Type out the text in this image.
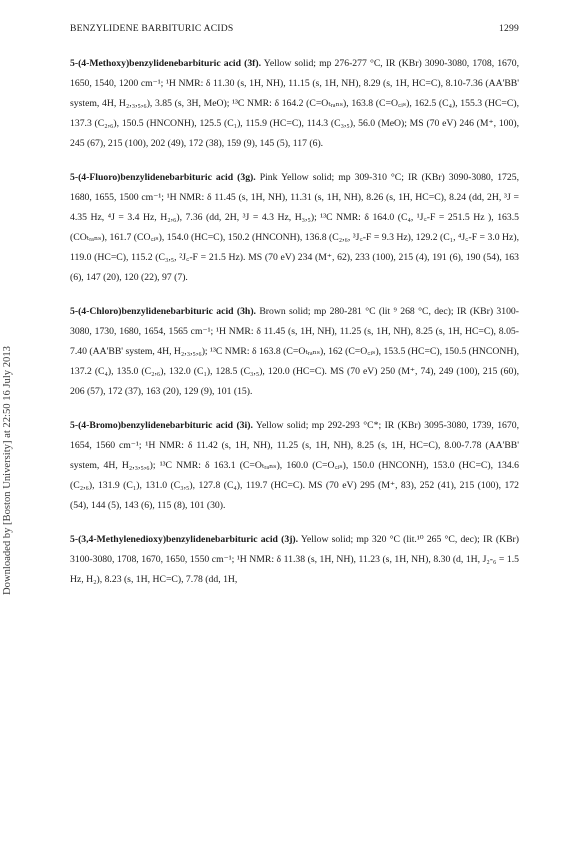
BENZYLIDENE BARBITURIC ACIDS	1299
Downloaded by [Boston University] at 22:50 16 July 2013

5-(4-Methoxy)benzylidenebarbituric acid (3f). Yellow solid; mp 276-277 °C, IR (KBr) 3090-3080, 1708, 1670, 1650, 1540, 1200 cm⁻¹; ¹H NMR: δ 11.30 (s, 1H, NH), 11.15 (s, 1H, NH), 8.29 (s, 1H, HC=C), 8.10-7.36 (AA'BB' system, 4H, H₂,₃,₅,₆), 3.85 (s, 3H, MeO); ¹³C NMR: δ 164.2 (C=Oₜᵣₐₙₛ), 163.8 (C=O꜀ᵢₛ), 162.5 (C₄), 155.3 (HC=C), 137.3 (C₂,₆), 150.5 (HNCONH), 125.5 (C₁), 115.9 (HC=C), 114.3 (C₃,₅), 56.0 (MeO); MS (70 eV) 246 (M⁺, 100), 245 (67), 215 (100), 202 (49), 172 (38), 159 (9), 145 (5), 117 (6).

5-(4-Fluoro)benzylidenebarbituric acid (3g). Pink Yellow solid; mp 309-310 °C; IR (KBr) 3090-3080, 1725, 1680, 1655, 1500 cm⁻¹; ¹H NMR: δ 11.45 (s, 1H, NH), 11.31 (s, 1H, NH), 8.26 (s, 1H, HC=C), 8.24 (dd, 2H, ³J = 4.35 Hz, ⁴J = 3.4 Hz, H₂,₆), 7.36 (dd, 2H, ³J = 4.3 Hz, H₃,₅); ¹³C NMR: δ 164.0 (C₄, ¹J꜀-F = 251.5 Hz ), 163.5 (COₜᵣₐₙₛ), 161.7 (CO꜀ᵢₛ), 154.0 (HC=C), 150.2 (HNCONH), 136.8 (C₂,₆, ³J꜀-F = 9.3 Hz), 129.2 (C₁, ⁴J꜀-F = 3.0 Hz), 119.0 (HC=C), 115.2 (C₃,₅, ²J꜀-F = 21.5 Hz). MS (70 eV) 234 (M⁺, 62), 233 (100), 215 (4), 191 (6), 190 (54), 163 (6), 147 (20), 120 (22), 97 (7).

5-(4-Chloro)benzylidenebarbituric acid (3h). Brown solid; mp 280-281 °C (lit ⁹ 268 °C, dec); IR (KBr) 3100-3080, 1730, 1680, 1654, 1565 cm⁻¹; ¹H NMR: δ 11.45 (s, 1H, NH), 11.25 (s, 1H, NH), 8.25 (s, 1H, HC=C), 8.05-7.40 (AA'BB' system, 4H, H₂,₃,₅,₆); ¹³C NMR: δ 163.8 (C=Oₜᵣₐₙₛ), 162 (C=O꜀ᵢₛ), 153.5 (HC=C), 150.5 (HNCONH), 137.2 (C₄), 135.0 (C₂,₆), 132.0 (C₁), 128.5 (C₃,₅), 120.0 (HC=C). MS (70 eV) 250 (M⁺, 74), 249 (100), 215 (60), 206 (57), 172 (37), 163 (20), 129 (9), 101 (15).

5-(4-Bromo)benzylidenebarbituric acid (3i). Yellow solid; mp 292-293 °C*; IR (KBr) 3095-3080, 1739, 1670, 1654, 1560 cm⁻¹; ¹H NMR: δ 11.42 (s, 1H, NH), 11.25 (s, 1H, NH), 8.25 (s, 1H, HC=C), 8.00-7.78 (AA'BB' system, 4H, H₂,₃,₅,₆); ¹³C NMR: δ 163.1 (C=Oₜᵣₐₙₛ), 160.0 (C=O꜀ᵢₛ), 150.0 (HNCONH), 153.0 (HC=C), 134.6 (C₂,₆), 131.9 (C₁), 131.0 (C₃,₅), 127.8 (C₄), 119.7 (HC=C). MS (70 eV) 295 (M⁺, 83), 252 (41), 215 (100), 172 (54), 144 (5), 143 (6), 115 (8), 101 (30).

5-(3,4-Methylenedioxy)benzylidenebarbituric acid (3j). Yellow solid; mp 320 °C (lit.¹⁰ 265 °C, dec); IR (KBr) 3100-3080, 1708, 1670, 1650, 1550 cm⁻¹; ¹H NMR: δ 11.38 (s, 1H, NH), 11.23 (s, 1H, NH), 8.30 (d, 1H, J₂-₆ = 1.5 Hz, H₂), 8.23 (s, 1H, HC=C), 7.78 (dd, 1H,
